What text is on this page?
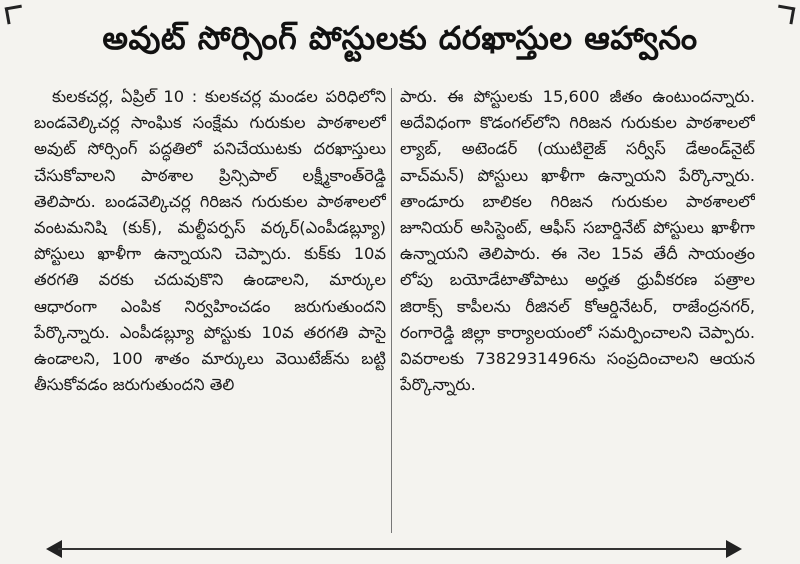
అవుట్ సోర్సింగ్ పోస్టులకు దరఖాస్తుల ఆహ్వానం

కులకచర్ల, ఏప్రిల్ 10 : కులకచర్ల మండల పరిధిలోని బండవెల్కిచర్ల సాంఘిక సంక్షేమ గురుకుల పాఠశాలలో అవుట్ సోర్సింగ్ పద్ధతిలో పనిచేయుటకు దరఖాస్తులు చేసుకోవాలని పాఠశాల ప్రిన్సిపాల్ లక్ష్మీకాంత్‌రెడ్డి తెలిపారు. బండవెల్కిచర్ల గిరిజన గురుకుల పాఠశాలలో వంటమనిషి (కుక్), మల్టీపర్పస్ వర్కర్(ఎంపీడబ్ల్యూ) పోస్టులు ఖాళీగా ఉన్నాయని చెప్పారు. కుక్‌కు 10వ తరగతి వరకు చదువుకొని ఉండాలని, మార్కుల ఆధారంగా ఎంపిక నిర్వహించడం జరుగుతుందని పేర్కొన్నారు. ఎంపీడబ్ల్యూ పోస్టుకు 10వ తరగతి పాసై ఉండాలని, 100 శాతం మార్కులు వెయిటేజ్‌ను బట్టి తీసుకోవడం జరుగుతుందని తెలి

పారు. ఈ పోస్టులకు 15,600 జీతం ఉంటుందన్నారు. అదేవిధంగా కొడంగల్‌లోని గిరిజన గురుకుల పాఠశాలలో ల్యాబ్, అటెండర్ (యుటిలైజ్ సర్వీస్ డేఅండ్‌నైట్ వాచ్‌మన్) పోస్టులు ఖాళీగా ఉన్నాయని పేర్కొన్నారు. తాండూరు బాలికల గిరిజన గురుకుల పాఠశాలలో జూనియర్ అసిస్టెంట్, ఆఫీస్ సబార్డినేట్ పోస్టులు ఖాళీగా ఉన్నాయని తెలిపారు. ఈ నెల 15వ తేదీ సాయంత్రం లోపు బయోడేటాతోపాటు అర్హత ధ్రువీకరణ పత్రాల జిరాక్స్ కాపీలను రీజినల్ కోఆర్డినేటర్, రాజేంద్రనగర్, రంగారెడ్డి జిల్లా కార్యాలయంలో సమర్పించాలని చెప్పారు. వివరాలకు 7382931496ను సంప్రదించాలని ఆయన పేర్కొన్నారు.
